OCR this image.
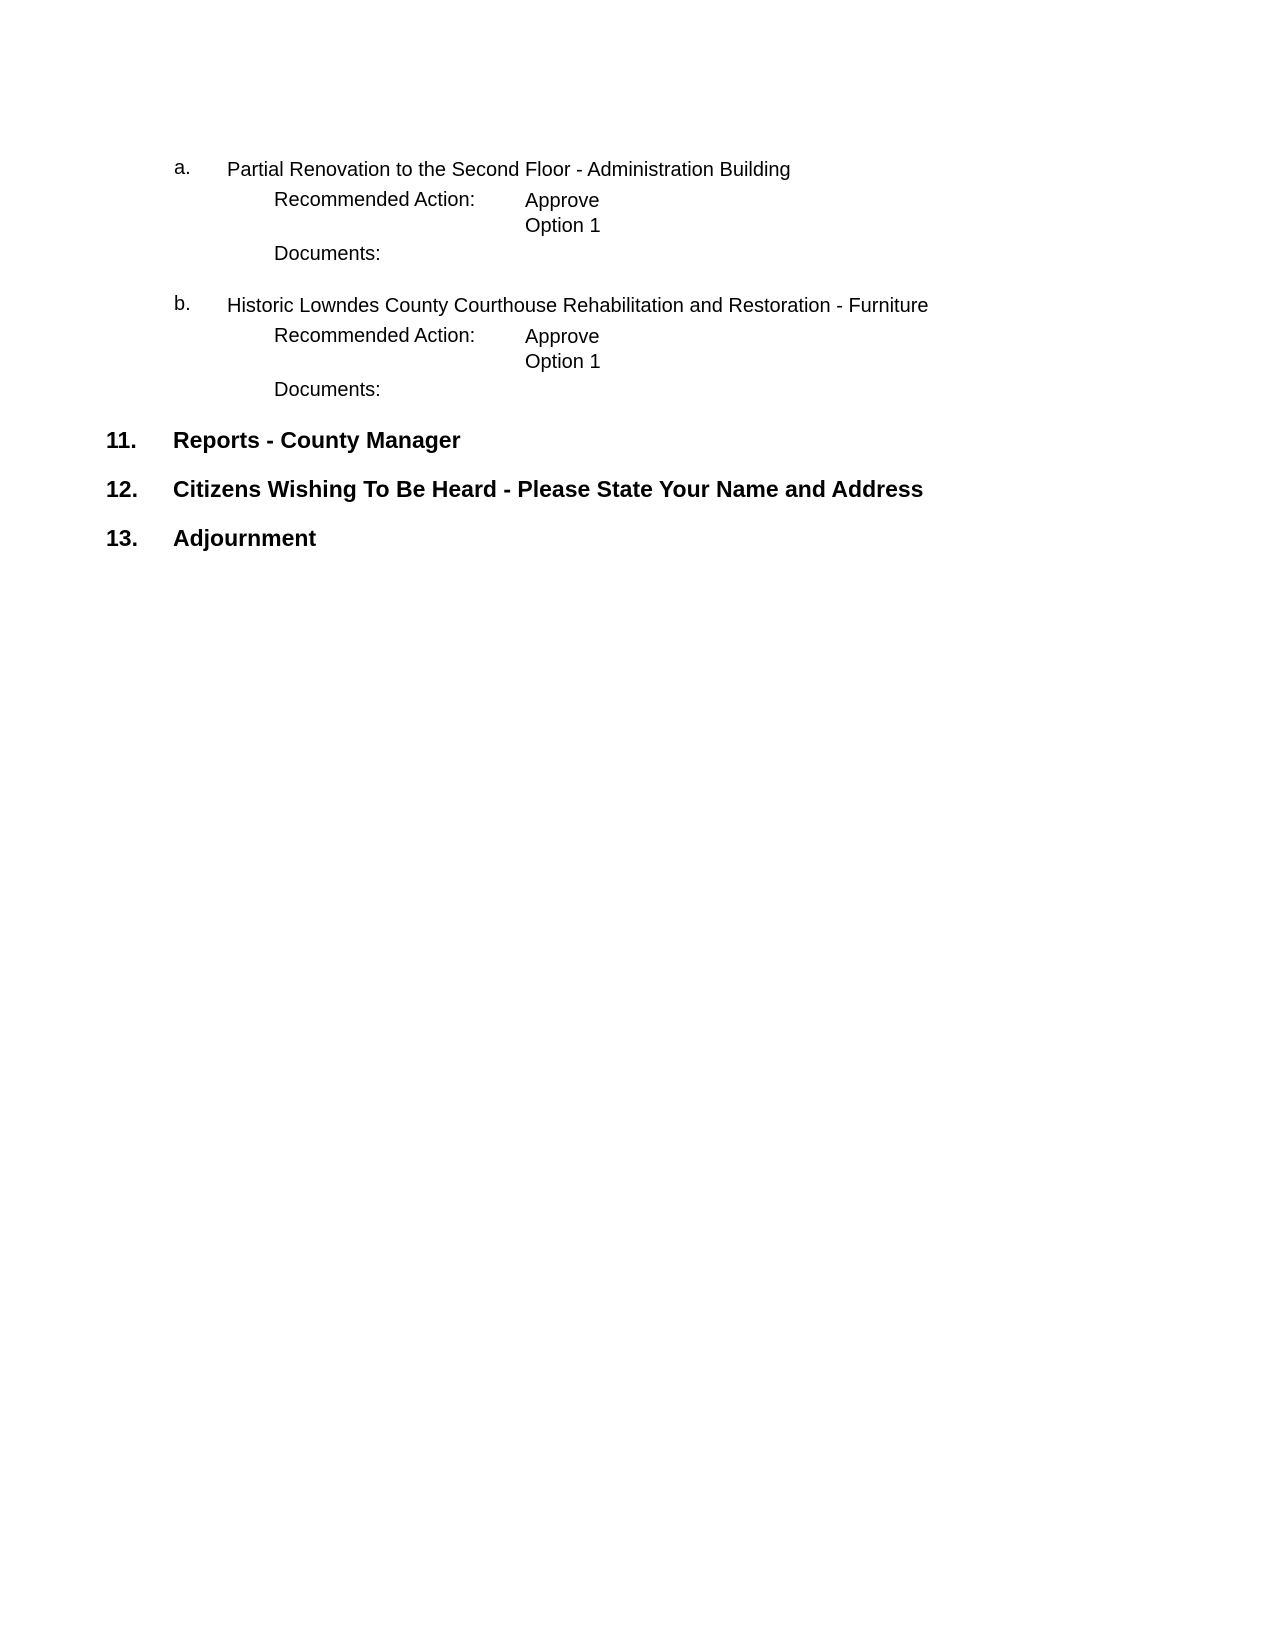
a. Partial Renovation to the Second Floor - Administration Building
Recommended Action: Approve
Option 1
Documents:
b. Historic Lowndes County Courthouse Rehabilitation and Restoration - Furniture
Recommended Action: Approve
Option 1
Documents:
11. Reports - County Manager
12. Citizens Wishing To Be Heard - Please State Your Name and Address
13. Adjournment
